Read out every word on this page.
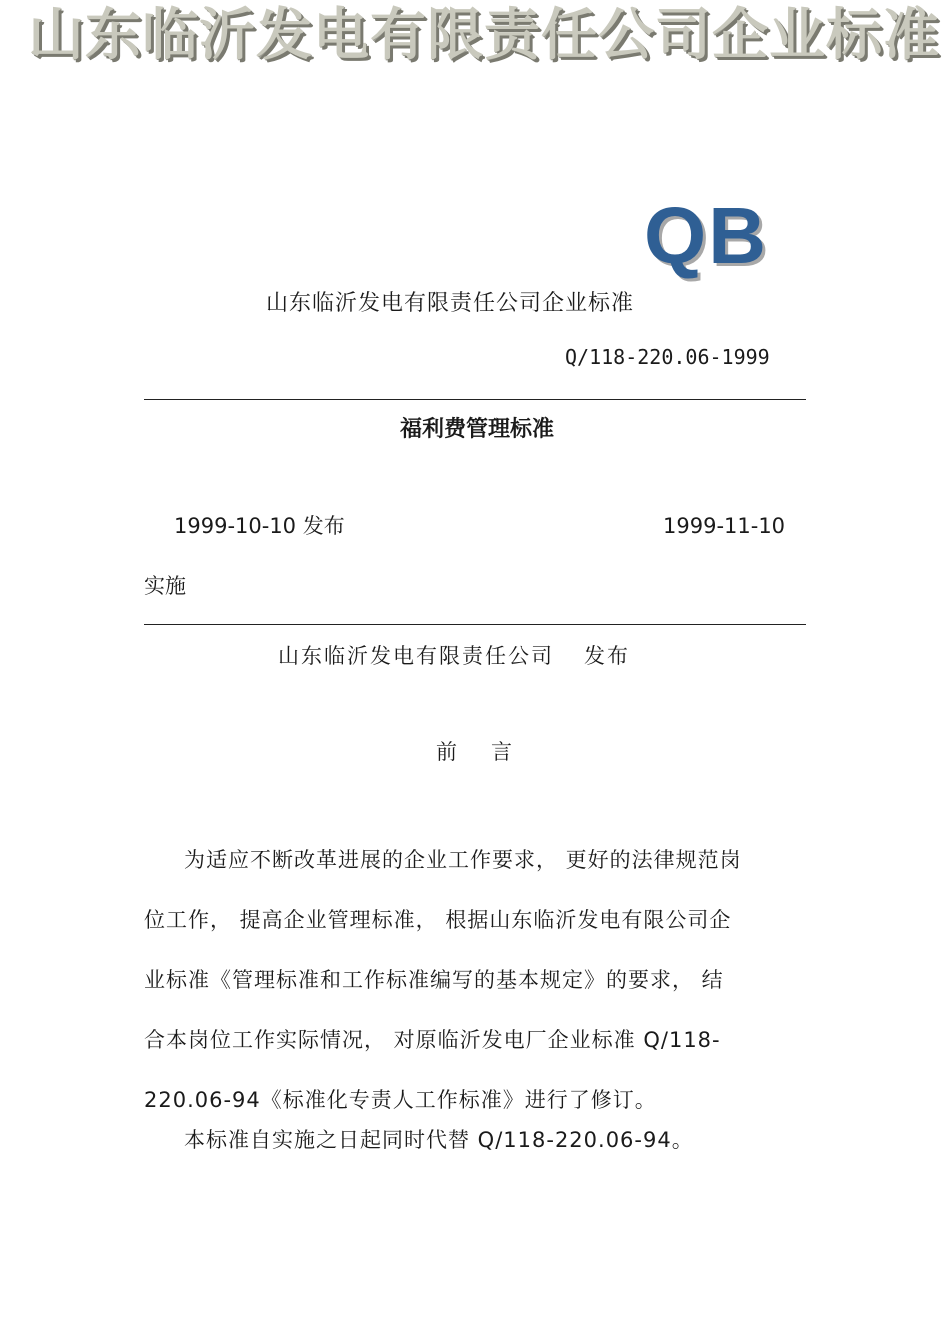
山东临沂发电有限责任公司企业标准
QB
山东临沂发电有限责任公司企业标准
Q/118-220.06-1999
福利费管理标准
1999-10-10 发布	1999-11-10
实施
山东临沂发电有限责任公司 发布
前言
为适应不断改革进展的企业工作要求， 更好的法律规范岗
位工作， 提高企业管理标准， 根据山东临沂发电有限公司企
业标准《管理标准和工作标准编写的基本规定》的要求， 结
合本岗位工作实际情况， 对原临沂发电厂企业标准 Q/118-
220.06-94《标准化专责人工作标准》进行了修订。
本标准自实施之日起同时代替 Q/118-220.06-94。
